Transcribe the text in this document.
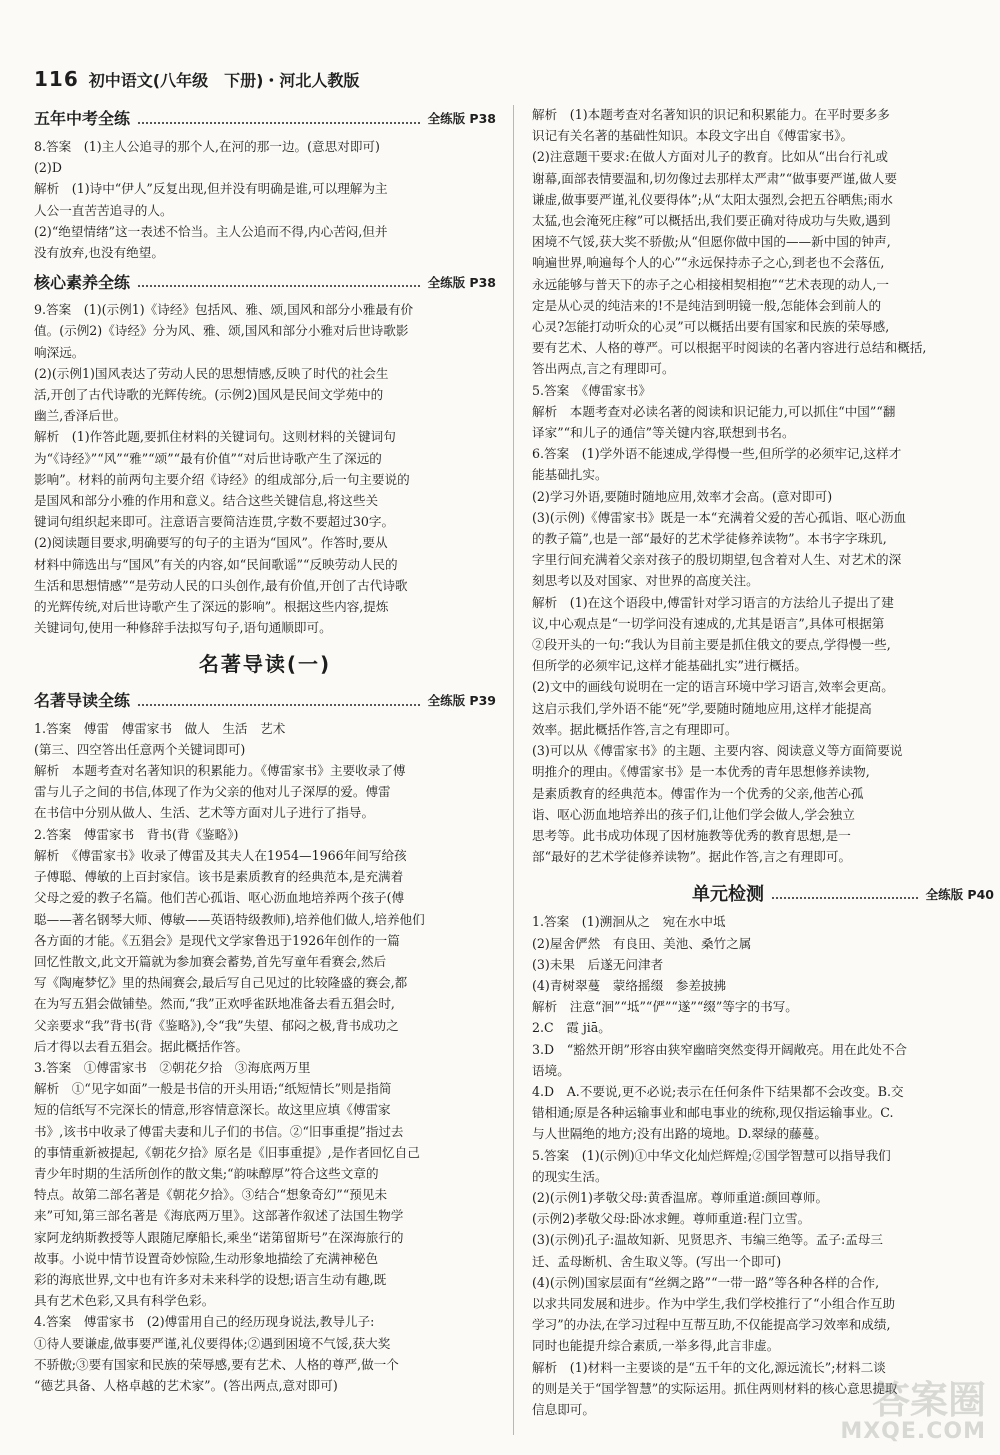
116 初中语文(八年级　下册)・河北人教版
五年中考全练	全练版 P38

8.答案　(1)主人公追寻的那个人,在河的那一边。(意思对即可)

(2)D

解析　(1)诗中“伊人”反复出现,但并没有明确是谁,可以理解为主

人公一直苦苦追寻的人。

(2)“绝望情绪”这一表述不恰当。主人公追而不得,内心苦闷,但并

没有放弃,也没有绝望。

核心素养全练	全练版 P38

9.答案　(1)(示例1)《诗经》包括风、雅、颂,国风和部分小雅最有价

值。(示例2)《诗经》分为风、雅、颂,国风和部分小雅对后世诗歌影

响深远。

(2)(示例1)国风表达了劳动人民的思想情感,反映了时代的社会生

活,开创了古代诗歌的光辉传统。(示例2)国风是民间文学苑中的

幽兰,香泽后世。

解析　(1)作答此题,要抓住材料的关键词句。这则材料的关键词句

为“《诗经》”“风”“雅”“颂”“最有价值”“对后世诗歌产生了深远的

影响”。材料的前两句主要介绍《诗经》的组成部分,后一句主要说的

是国风和部分小雅的作用和意义。结合这些关键信息,将这些关

键词句组织起来即可。注意语言要简洁连贯,字数不要超过30字。

(2)阅读题目要求,明确要写的句子的主语为“国风”。作答时,要从

材料中筛选出与“国风”有关的内容,如“民间歌谣”“反映劳动人民的

生活和思想情感”“是劳动人民的口头创作,最有价值,开创了古代诗歌

的光辉传统,对后世诗歌产生了深远的影响”。根据这些内容,提炼

关键词句,使用一种修辞手法拟写句子,语句通顺即可。

名著导读(一)
名著导读全练	全练版 P39

1.答案　傅雷　傅雷家书　做人　生活　艺术

(第三、四空答出任意两个关键词即可)

解析　本题考查对名著知识的积累能力。《傅雷家书》主要收录了傅

雷与儿子之间的书信,体现了作为父亲的他对儿子深厚的爱。傅雷

在书信中分别从做人、生活、艺术等方面对儿子进行了指导。

2.答案　傅雷家书　背书(背《鉴略》)

解析　《傅雷家书》收录了傅雷及其夫人在1954—1966年间写给孩

子傅聪、傅敏的上百封家信。该书是素质教育的经典范本,是充满着

父母之爱的教子名篇。他们苦心孤诣、呕心沥血地培养两个孩子(傅

聪——著名钢琴大师、傅敏——英语特级教师),培养他们做人,培养他们

各方面的才能。《五猖会》是现代文学家鲁迅于1926年创作的一篇

回忆性散文,此文开篇就为参加赛会蓄势,首先写童年看赛会,然后

写《陶庵梦忆》里的热闹赛会,最后写自己见过的比较隆盛的赛会,都

在为写五猖会做铺垫。然而,“我”正欢呼雀跃地准备去看五猖会时,

父亲要求“我”背书(背《鉴略》),令“我”失望、郁闷之极,背书成功之

后才得以去看五猖会。据此概括作答。

3.答案　①傅雷家书　②朝花夕拾　③海底两万里

解析　①“见字如面”一般是书信的开头用语;“纸短情长”则是指简

短的信纸写不完深长的情意,形容情意深长。故这里应填《傅雷家

书》,该书中收录了傅雷夫妻和儿子们的书信。②“旧事重提”指过去

的事情重新被提起,《朝花夕拾》原名是《旧事重提》,是作者回忆自己

青少年时期的生活所创作的散文集;“韵味醇厚”符合这些文章的

特点。故第二部名著是《朝花夕拾》。③结合“想象奇幻”“预见未

来”可知,第三部名著是《海底两万里》。这部著作叙述了法国生物学

家阿龙纳斯教授等人跟随尼摩船长,乘坐“诺第留斯号”在深海旅行的

故事。小说中情节设置奇妙惊险,生动形象地描绘了充满神秘色

彩的海底世界,文中也有许多对未来科学的设想;语言生动有趣,既

具有艺术色彩,又具有科学色彩。

4.答案　傅雷家书　(2)傅雷用自己的经历现身说法,教导儿子:

①待人要谦虚,做事要严谨,礼仪要得体;②遇到困境不气馁,获大奖

不骄傲;③要有国家和民族的荣辱感,要有艺术、人格的尊严,做一个

“德艺具备、人格卓越的艺术家”。(答出两点,意对即可)

解析　(1)本题考查对名著知识的识记和积累能力。在平时要多多

识记有关名著的基础性知识。本段文字出自《傅雷家书》。

(2)注意题干要求:在做人方面对儿子的教育。比如从“出台行礼或

谢幕,面部表情要温和,切勿像过去那样太严肃”“做事要严谨,做人要

谦虚,做事要严谨,礼仪要得体”;从“太阳太强烈,会把五谷晒焦;雨水

太猛,也会淹死庄稼”可以概括出,我们要正确对待成功与失败,遇到

困境不气馁,获大奖不骄傲;从“但愿你做中国的——新中国的钟声,

响遍世界,响遍每个人的心”“永远保持赤子之心,到老也不会落伍,

永远能够与普天下的赤子之心相接相契相抱”“艺术表现的动人,一

定是从心灵的纯洁来的!不是纯洁到明镜一般,怎能体会到前人的

心灵?怎能打动听众的心灵”可以概括出要有国家和民族的荣辱感,

要有艺术、人格的尊严。可以根据平时阅读的名著内容进行总结和概括,

答出两点,言之有理即可。

5.答案　《傅雷家书》

解析　本题考查对必读名著的阅读和识记能力,可以抓住“中国”“翻

译家”“和儿子的通信”等关键内容,联想到书名。

6.答案　(1)学外语不能速成,学得慢一些,但所学的必须牢记,这样才

能基础扎实。

(2)学习外语,要随时随地应用,效率才会高。(意对即可)

(3)(示例)《傅雷家书》既是一本“充满着父爱的苦心孤诣、呕心沥血

的教子篇”,也是一部“最好的艺术学徒修养读物”。本书字字珠玑,

字里行间充满着父亲对孩子的殷切期望,包含着对人生、对艺术的深

刻思考以及对国家、对世界的高度关注。

解析　(1)在这个语段中,傅雷针对学习语言的方法给儿子提出了建

议,中心观点是“一切学问没有速成的,尤其是语言”,具体可根据第

②段开头的一句:“我认为目前主要是抓住俄文的要点,学得慢一些,

但所学的必须牢记,这样才能基础扎实”进行概括。

(2)文中的画线句说明在一定的语言环境中学习语言,效率会更高。

这启示我们,学外语不能“死”学,要随时随地应用,这样才能提高

效率。据此概括作答,言之有理即可。

(3)可以从《傅雷家书》的主题、主要内容、阅读意义等方面简要说

明推介的理由。《傅雷家书》是一本优秀的青年思想修养读物,

是素质教育的经典范本。傅雷作为一个优秀的父亲,他苦心孤

诣、呕心沥血地培养出的孩子们,让他们学会做人,学会独立

思考等。此书成功体现了因材施教等优秀的教育思想,是一

部“最好的艺术学徒修养读物”。据此作答,言之有理即可。

单元检测	全练版 P40

1.答案　(1)溯洄从之　宛在水中坻

(2)屋舍俨然　有良田、美池、桑竹之属

(3)未果　后遂无问津者

(4)青树翠蔓　蒙络摇缀　参差披拂

解析　注意“洄”“坻”“俨”“遂”“缀”等字的书写。

2.C　霞 jiā。

3.D　“豁然开朗”形容由狭窄幽暗突然变得开阔敞亮。用在此处不合

语境。

4.D　A.不要说,更不必说;表示在任何条件下结果都不会改变。B.交

错相通;原是各种运输事业和邮电事业的统称,现仅指运输事业。C.

与人世隔绝的地方;没有出路的境地。D.翠绿的藤蔓。

5.答案　(1)(示例)①中华文化灿烂辉煌;②国学智慧可以指导我们

的现实生活。

(2)(示例1)孝敬父母:黄香温席。尊师重道:颜回尊师。

(示例2)孝敬父母:卧冰求鲤。尊师重道:程门立雪。

(3)(示例)孔子:温故知新、见贤思齐、韦编三绝等。孟子:孟母三

迁、孟母断机、舍生取义等。(写出一个即可)

(4)(示例)国家层面有“丝绸之路”“一带一路”等各种各样的合作,

以求共同发展和进步。作为中学生,我们学校推行了“小组合作互助

学习”的办法,在学习过程中互帮互助,不仅能提高学习效率和成绩,

同时也能提升综合素质,一举多得,此言非虚。

解析　(1)材料一主要谈的是“五千年的文化,源远流长”;材料二谈

的则是关于“国学智慧”的实际运用。抓住两则材料的核心意思提取

信息即可。	答案圈
MXQE.COM
